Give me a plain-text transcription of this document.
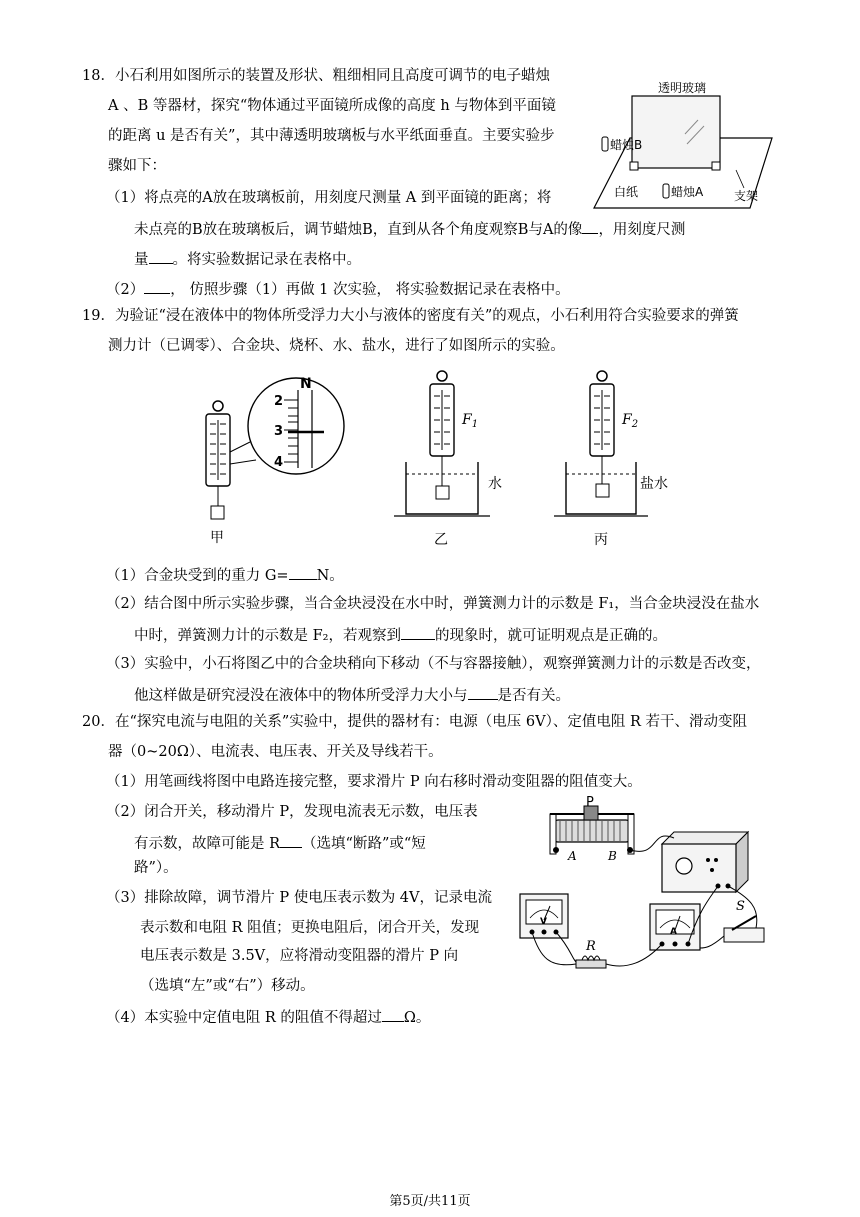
18．小石利用如图所示的装置及形状、粗细相同且高度可调节的电子蜡烛
A 、B 等器材，探究“物体通过平面镜所成像的高度 h 与物体到平面镜
的距离 u 是否有关”，其中薄透明玻璃板与水平纸面垂直。主要实验步
骤如下：
（1）将点亮的A放在玻璃板前，用刻度尺测量 A 到平面镜的距离；将
未点亮的B放在玻璃板后，调节蜡烛B，直到从各个角度观察B与A的像 ，用刻度尺测
量 。将实验数据记录在表格中。
（2） ， 仿照步骤（1）再做 1 次实验， 将实验数据记录在表格中。
透明玻璃
蜡烛B
白纸	蜡烛A	支架
19．为验证“浸在液体中的物体所受浮力大小与液体的密度有关”的观点，小石利用符合实验要求的弹簧
测力计（已调零）、合金块、烧杯、水、盐水，进行了如图所示的实验。
N
2
3
4
甲
$F_1$
水
乙
$F_2$
盐水
丙
（1）合金块受到的重力 G= N。
（2）结合图中所示实验步骤，当合金块浸没在水中时，弹簧测力计的示数是 F₁，当合金块浸没在盐水
中时，弹簧测力计的示数是 F₂，若观察到 的现象时，就可证明观点是正确的。
（3）实验中，小石将图乙中的合金块稍向下移动（不与容器接触），观察弹簧测力计的示数是否改变，
他这样做是研究浸没在液体中的物体所受浮力大小与 是否有关。
20．在“探究电流与电阻的关系”实验中，提供的器材有：电源（电压 6V）、定值电阻 R 若干、滑动变阻
器（0~20Ω）、电流表、电压表、开关及导线若干。
（1）用笔画线将图中电路连接完整，要求滑片 P 向右移时滑动变阻器的阻值变大。
（2）闭合开关，移动滑片 P，发现电流表无示数，电压表
有示数，故障可能是 R （选填“断路”或“短
路”）。
（3）排除故障，调节滑片 P 使电压表示数为 4V，记录电流
表示数和电阻 R 阻值；更换电阻后，闭合开关，发现
电压表示数是 3.5V，应将滑动变阻器的滑片 P 向
（选填“左”或“右”）移动。
（4）本实验中定值电阻 R 的阻值不得超过 Ω。
P
A	B
V
A
R
S
第5页/共11页
